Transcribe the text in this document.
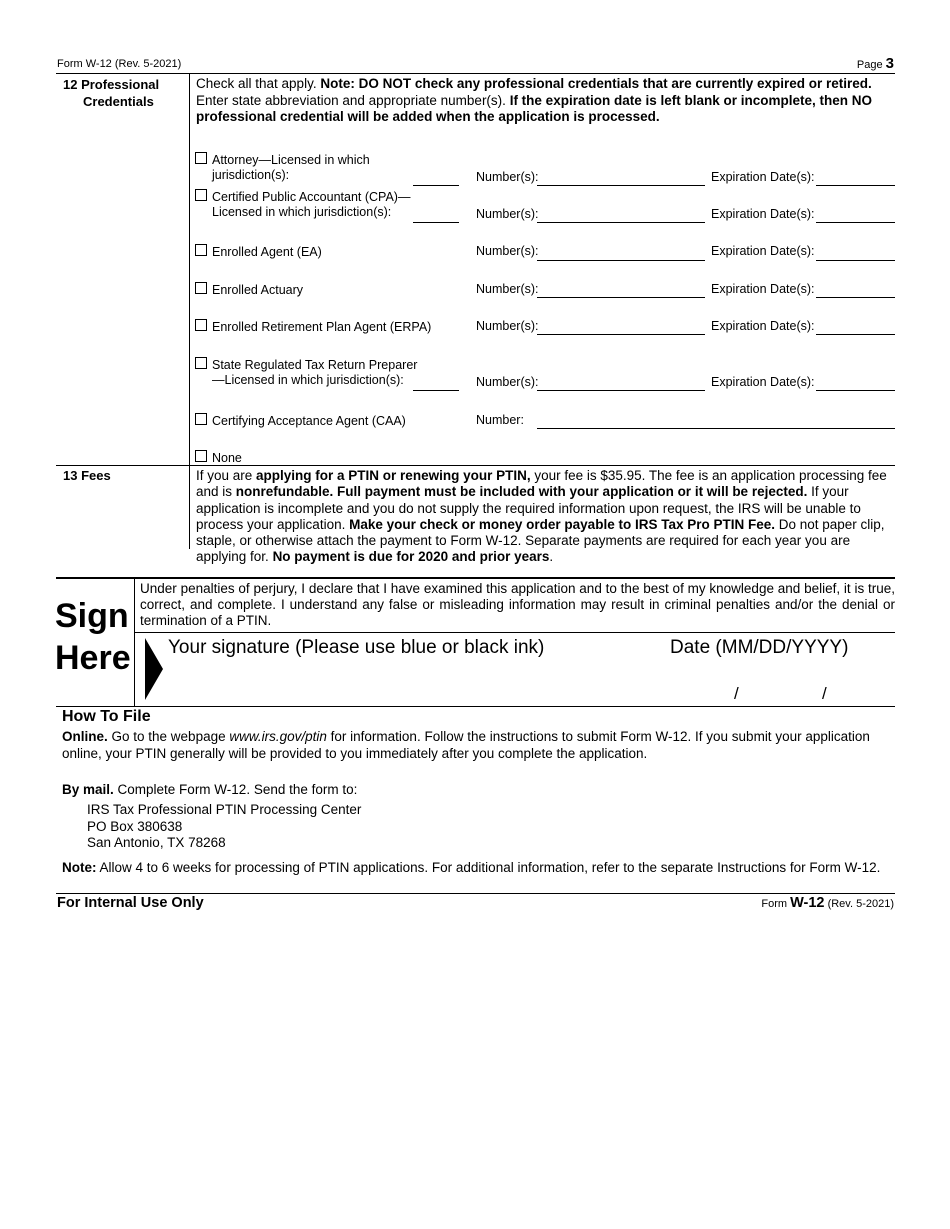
Form W-12 (Rev. 5-2021)	Page 3
12 Professional
Credentials
Check all that apply. Note: DO NOT check any professional credentials that are currently expired or retired. Enter state abbreviation and appropriate number(s). If the expiration date is left blank or incomplete, then NO professional credential will be added when the application is processed.
Attorney—Licensed in which
jurisdiction(s):	Number(s):	Expiration Date(s):
Certified Public Accountant (CPA)—
Licensed in which jurisdiction(s):	Number(s):	Expiration Date(s):
Enrolled Agent (EA)	Number(s):	Expiration Date(s):
Enrolled Actuary	Number(s):	Expiration Date(s):
Enrolled Retirement Plan Agent (ERPA)	Number(s):	Expiration Date(s):
State Regulated Tax Return Preparer
—Licensed in which jurisdiction(s):	Number(s):	Expiration Date(s):
Certifying Acceptance Agent (CAA)	Number:
None
13 Fees	If you are applying for a PTIN or renewing your PTIN, your fee is $35.95. The fee is an application processing fee and is nonrefundable. Full payment must be included with your application or it will be rejected. If your application is incomplete and you do not supply the required information upon request, the IRS will be unable to process your application. Make your check or money order payable to IRS Tax Pro PTIN Fee. Do not paper clip, staple, or otherwise attach the payment to Form W-12. Separate payments are required for each year you are applying for. No payment is due for 2020 and prior years.
Sign
Here
Under penalties of perjury, I declare that I have examined this application and to the best of my knowledge and belief, it is true, correct, and complete. I understand any false or misleading information may result in criminal penalties and/or the denial or termination of a PTIN.
Your signature (Please use blue or black ink)	Date (MM/DD/YYYY)
/	/
How To File
Online. Go to the webpage www.irs.gov/ptin for information. Follow the instructions to submit Form W-12. If you submit your application online, your PTIN generally will be provided to you immediately after you complete the application.
By mail. Complete Form W-12. Send the form to:
IRS Tax Professional PTIN Processing Center
PO Box 380638
San Antonio, TX 78268
Note: Allow 4 to 6 weeks for processing of PTIN applications. For additional information, refer to the separate Instructions for Form W-12.
For Internal Use Only	Form W-12 (Rev. 5-2021)
